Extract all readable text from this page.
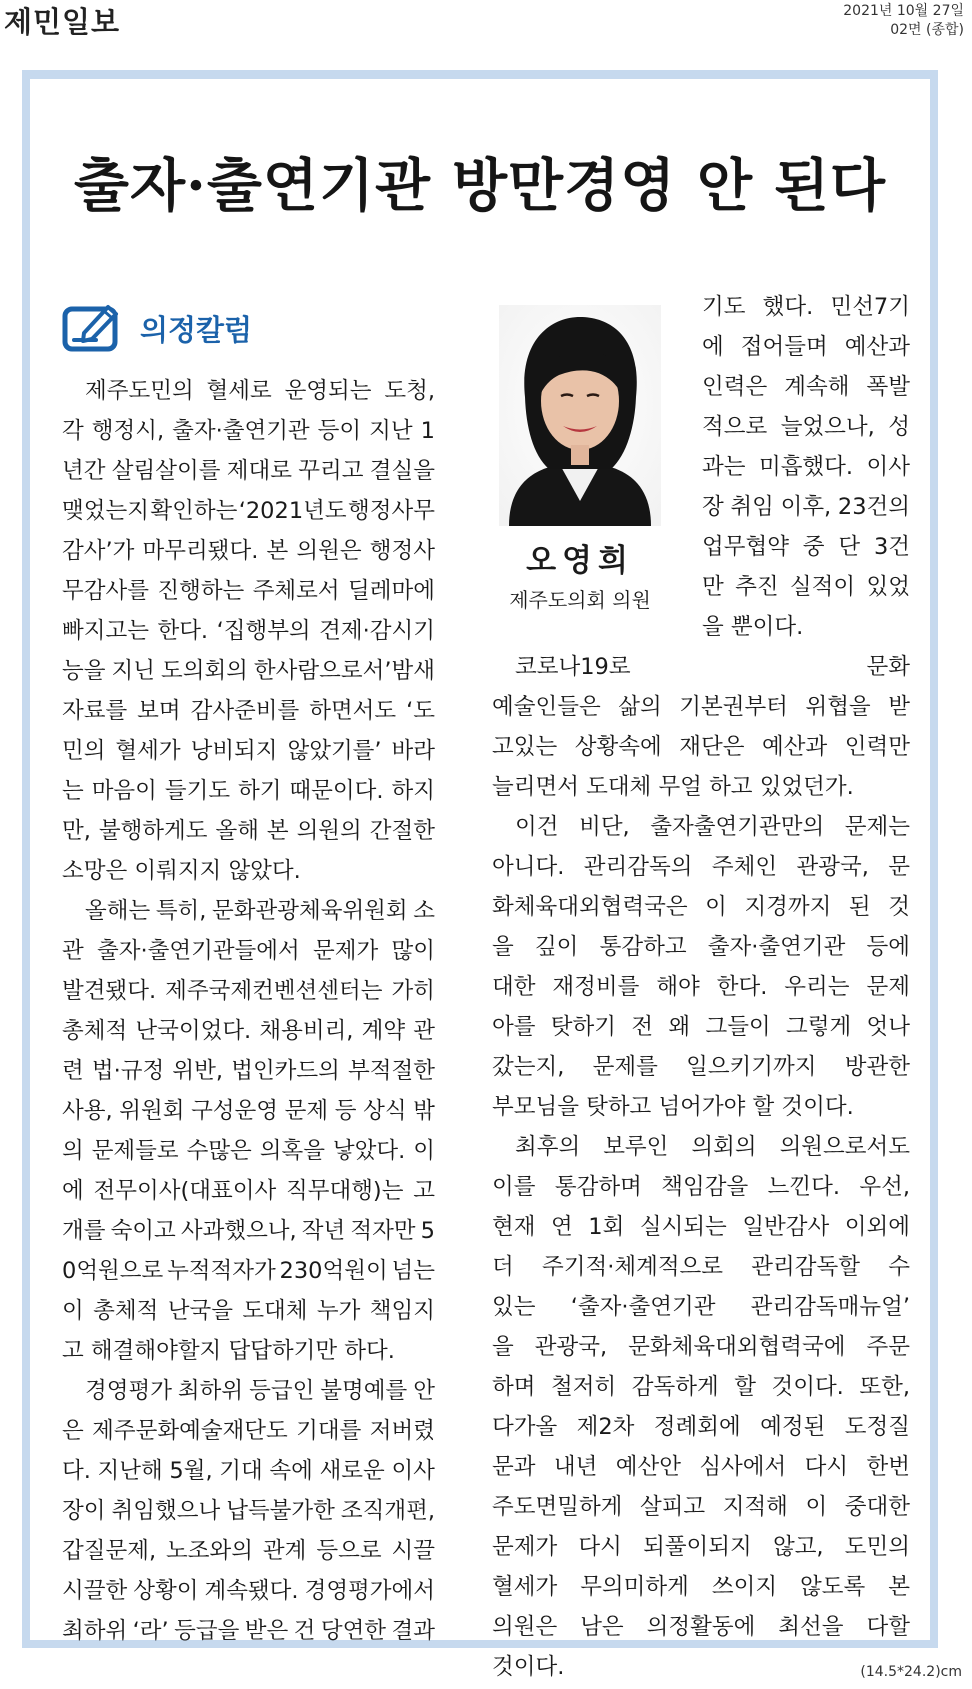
제민일보	2021년 10월 27일
02면 (종합)
출자·출연기관 방만경영 안 된다
의정칼럼
제주도민의 혈세로 운영되는 도청,
각 행정시, 출자·출연기관 등이 지난 1
년간 살림살이를 제대로 꾸리고 결실을
맺었는지 확인하는 ‘2021년도 행정사무
감사’가 마무리됐다. 본 의원은 행정사
무감사를 진행하는 주체로서 딜레마에
빠지고는 한다. ‘집행부의 견제·감시기
능을 지닌 도의회의 한사람으로서’밤새
자료를 보며 감사준비를 하면서도 ‘도
민의 혈세가 낭비되지 않았기를’ 바라
는 마음이 들기도 하기 때문이다. 하지
만, 불행하게도 올해 본 의원의 간절한
소망은 이뤄지지 않았다.
올해는 특히, 문화관광체육위원회 소
관 출자·출연기관들에서 문제가 많이
발견됐다. 제주국제컨벤션센터는 가히
총체적 난국이었다. 채용비리, 계약 관
련 법·규정 위반, 법인카드의 부적절한
사용, 위원회 구성운영 문제 등 상식 밖
의 문제들로 수많은 의혹을 낳았다. 이
에 전무이사(대표이사 직무대행)는 고
개를 숙이고 사과했으나, 작년 적자만 5
0억원으로 누적적자가 230억원이 넘는
이 총체적 난국을 도대체 누가 책임지
고 해결해야할지 답답하기만 하다.
경영평가 최하위 등급인 불명예를 안
은 제주문화예술재단도 기대를 저버렸
다. 지난해 5월, 기대 속에 새로운 이사
장이 취임했으나 납득불가한 조직개편,
갑질문제, 노조와의 관계 등으로 시끌
시끌한 상황이 계속됐다. 경영평가에서
최하위 ‘라’ 등급을 받은 건 당연한 결과
오영희
제주도의회 의원
기도 했다. 민선7기
에 접어들며 예산과
인력은 계속해 폭발
적으로 늘었으나, 성
과는 미흡했다. 이사
장 취임 이후, 23건의
업무협약 중 단 3건
만 추진 실적이 있었
을 뿐이다.
코로나19로	문화
예술인들은 삶의 기본권부터 위협을 받
고있는 상황속에 재단은 예산과 인력만
늘리면서 도대체 무얼 하고 있었던가.
이건 비단, 출자출연기관만의 문제는
아니다. 관리감독의 주체인 관광국, 문
화체육대외협력국은 이 지경까지 된 것
을 깊이 통감하고 출자·출연기관 등에
대한 재정비를 해야 한다. 우리는 문제
아를 탓하기 전 왜 그들이 그렇게 엇나
갔는지, 문제를 일으키기까지 방관한
부모님을 탓하고 넘어가야 할 것이다.
최후의 보루인 의회의 의원으로서도
이를 통감하며 책임감을 느낀다. 우선,
현재 연 1회 실시되는 일반감사 이외에
더 주기적·체계적으로 관리감독할 수
있는 ‘출자·출연기관 관리감독매뉴얼’
을 관광국, 문화체육대외협력국에 주문
하며 철저히 감독하게 할 것이다. 또한,
다가올 제2차 정례회에 예정된 도정질
문과 내년 예산안 심사에서 다시 한번
주도면밀하게 살피고 지적해 이 중대한
문제가 다시 되풀이되지 않고, 도민의
혈세가 무의미하게 쓰이지 않도록 본
의원은 남은 의정활동에 최선을 다할
것이다.	(14.5*24.2)cm
